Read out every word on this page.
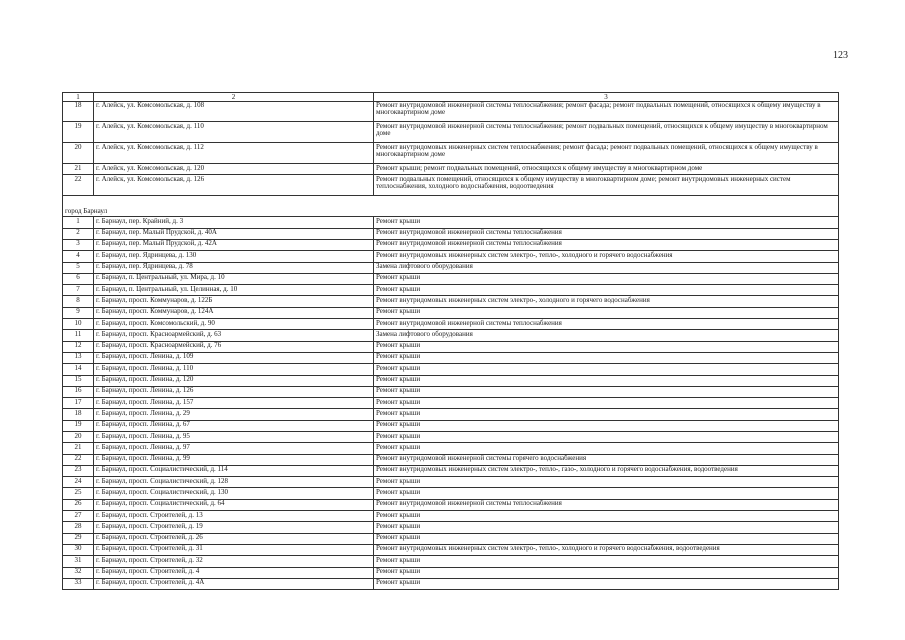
123
1	2	3
18	г. Алейск, ул. Комсомольская, д. 108	Ремонт внутридомовой инженерной системы теплоснабжения; ремонт фасада; ремонт подвальных помещений, относящихся к общему имуществу в многоквартирном доме
19	г. Алейск, ул. Комсомольская, д. 110	Ремонт внутридомовой инженерной системы теплоснабжения; ремонт подвальных помещений, относящихся к общему имуществу в многоквартирном доме
20	г. Алейск, ул. Комсомольская, д. 112	Ремонт внутридомовых инженерных систем теплоснабжения; ремонт фасада; ремонт подвальных помещений, относящихся к общему имуществу в многоквартирном доме
21	г. Алейск, ул. Комсомольская, д. 120	Ремонт крыши; ремонт подвальных помещений, относящихся к общему имуществу в многоквартирном доме
22	г. Алейск, ул. Комсомольская, д. 126	Ремонт подвальных помещений, относящихся к общему имуществу в многоквартирном доме; ремонт внутридомовых инженерных систем теплоснабжения, холодного водоснабжения, водоотведения

город Барнаул		
1	г. Барнаул, пер. Крайний, д. 3	Ремонт крыши
2	г. Барнаул, пер. Малый Прудской, д. 40А	Ремонт внутридомовой инженерной системы теплоснабжения
3	г. Барнаул, пер. Малый Прудской, д. 42А	Ремонт внутридомовой инженерной системы теплоснабжения
4	г. Барнаул, пер. Ядринцева, д. 130	Ремонт внутридомовых инженерных систем электро-, тепло-, холодного и горячего водоснабжения
5	г. Барнаул, пер. Ядринцева, д. 78	Замена лифтового оборудования
6	г. Барнаул, п. Центральный, ул. Мира, д. 10	Ремонт крыши
7	г. Барнаул, п. Центральный, ул. Целинная, д. 10	Ремонт крыши
8	г. Барнаул, просп. Коммунаров, д. 122Б	Ремонт внутридомовых инженерных систем электро-, холодного и горячего водоснабжения
9	г. Барнаул, просп. Коммунаров, д. 124А	Ремонт крыши
10	г. Барнаул, просп. Комсомольский, д. 90	Ремонт внутридомовой инженерной системы теплоснабжения
11	г. Барнаул, просп. Красноармейский, д. 63	Замена лифтового оборудования
12	г. Барнаул, просп. Красноармейский, д. 76	Ремонт крыши
13	г. Барнаул, просп. Ленина, д. 109	Ремонт крыши
14	г. Барнаул, просп. Ленина, д. 110	Ремонт крыши
15	г. Барнаул, просп. Ленина, д. 120	Ремонт крыши
16	г. Барнаул, просп. Ленина, д. 126	Ремонт крыши
17	г. Барнаул, просп. Ленина, д. 157	Ремонт крыши
18	г. Барнаул, просп. Ленина, д. 29	Ремонт крыши
19	г. Барнаул, просп. Ленина, д. 67	Ремонт крыши
20	г. Барнаул, просп. Ленина, д. 95	Ремонт крыши
21	г. Барнаул, просп. Ленина, д. 97	Ремонт крыши
22	г. Барнаул, просп. Ленина, д. 99	Ремонт внутридомовой инженерной системы горячего водоснабжения
23	г. Барнаул, просп. Социалистический, д. 114	Ремонт внутридомовых инженерных систем электро-, тепло-, газо-, холодного и горячего водоснабжения, водоотведения
24	г. Барнаул, просп. Социалистический, д. 128	Ремонт крыши
25	г. Барнаул, просп. Социалистический, д. 130	Ремонт крыши
26	г. Барнаул, просп. Социалистический, д. 64	Ремонт внутридомовой инженерной системы теплоснабжения
27	г. Барнаул, просп. Строителей, д. 13	Ремонт крыши
28	г. Барнаул, просп. Строителей, д. 19	Ремонт крыши
29	г. Барнаул, просп. Строителей, д. 26	Ремонт крыши
30	г. Барнаул, просп. Строителей, д. 31	Ремонт внутридомовых инженерных систем электро-, тепло-, холодного и горячего водоснабжения, водоотведения
31	г. Барнаул, просп. Строителей, д. 32	Ремонт крыши
32	г. Барнаул, просп. Строителей, д. 4	Ремонт крыши
33	г. Барнаул, просп. Строителей, д. 4А	Ремонт крыши
